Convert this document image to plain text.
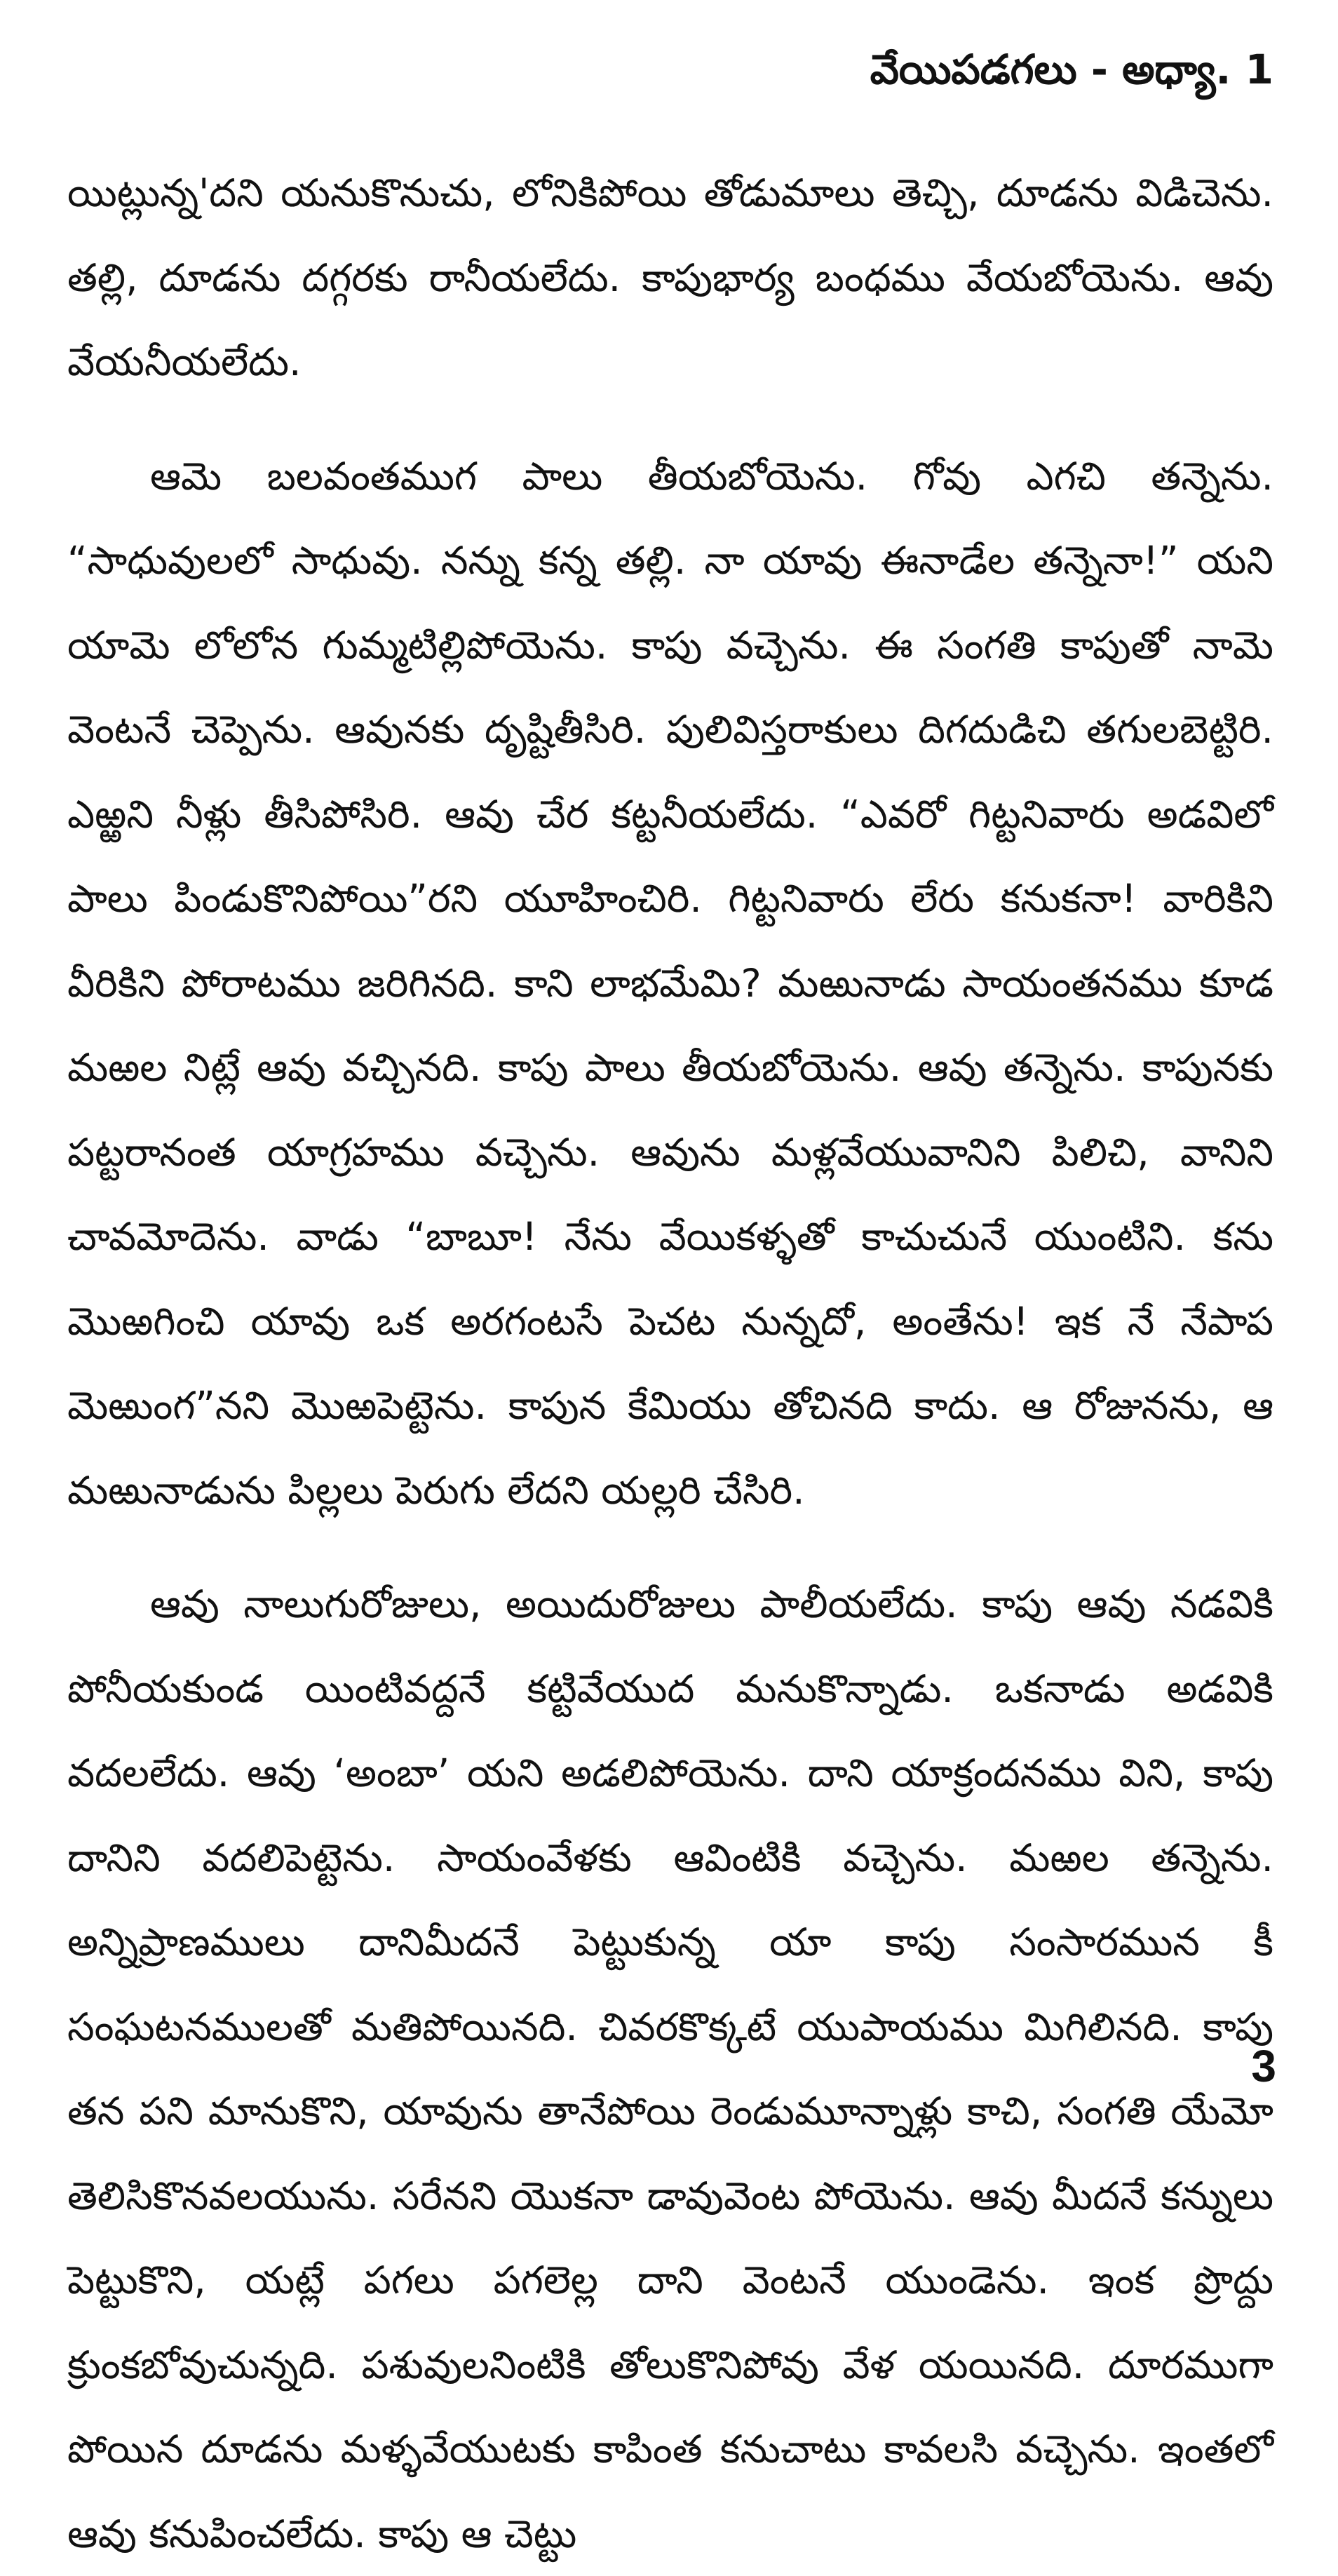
వేయిపడగలు - అధ్యా. 1

యిట్లున్న'దని యనుకొనుచు, లోనికిపోయి తోడుమాలు తెచ్చి, దూడను విడిచెను. తల్లి, దూడను దగ్గరకు రానీయలేదు. కాపుభార్య బంధము వేయబోయెను. ఆవు వేయనీయలేదు.

ఆమె బలవంతముగ పాలు తీయబోయెను. గోవు ఎగచి తన్నెను. “సాధువులలో సాధువు. నన్ను కన్న తల్లి. నా యావు ఈనాడేల తన్నెనా!” యని యామె లోలోన గుమ్మటిల్లిపోయెను. కాపు వచ్చెను. ఈ సంగతి కాపుతో నామె వెంటనే చెప్పెను. ఆవునకు దృష్టితీసిరి. పులివిస్తరాకులు దిగదుడిచి తగులబెట్టిరి. ఎఱ్ఱని నీళ్లు తీసిపోసిరి. ఆవు చేర కట్టనీయలేదు. “ఎవరో గిట్టనివారు అడవిలో పాలు పిండుకొనిపోయి”రని యూహించిరి. గిట్టనివారు లేరు కనుకనా! వారికిని వీరికిని పోరాటము జరిగినది. కాని లాభమేమి? మఱునాడు సాయంతనము కూడ మఱల నిట్లే ఆవు వచ్చినది. కాపు పాలు తీయబోయెను. ఆవు తన్నెను. కాపునకు పట్టరానంత యాగ్రహము వచ్చెను. ఆవును మళ్లవేయువానిని పిలిచి, వానిని చావమోదెను. వాడు “బాబూ! నేను వేయికళ్ళతో కాచుచునే యుంటిని. కను మొఱగించి యావు ఒక అరగంటసే పెచట నున్నదో, అంతేను! ఇక నే నేపాప మెఱుంగ”నని మొఱపెట్టెను. కాపున కేమియు తోచినది కాదు. ఆ రోజునను, ఆ మఱునాడును పిల్లలు పెరుగు లేదని యల్లరి చేసిరి.

ఆవు నాలుగురోజులు, అయిదురోజులు పాలీయలేదు. కాపు ఆవు నడవికి పోనీయకుండ యింటివద్దనే కట్టివేయుద మనుకొన్నాడు. ఒకనాడు అడవికి వదలలేదు. ఆవు ‘అంబా’ యని అడలిపోయెను. దాని యాక్రందనము విని, కాపు దానిని వదలిపెట్టెను. సాయంవేళకు ఆవింటికి వచ్చెను. మఱల తన్నెను. అన్నిప్రాణములు దానిమీదనే పెట్టుకున్న యా కాపు సంసారమున కీ సంఘటనములతో మతిపోయినది. చివరకొక్కటే యుపాయము మిగిలినది. కాపు తన పని మానుకొని, యావును తానేపోయి రెండుమూన్నాళ్లు కాచి, సంగతి యేమో తెలిసికొనవలయును. సరేనని యొకనా డావువెంట పోయెను. ఆవు మీదనే కన్నులు పెట్టుకొని, యట్లే పగలు పగలెల్ల దాని వెంటనే యుండెను. ఇంక ప్రొద్దు క్రుంకబోవుచున్నది. పశువులనింటికి తోలుకొనిపోవు వేళ యయినది. దూరముగా పోయిన దూడను మళ్ళవేయుటకు కాపింత కనుచాటు కావలసి వచ్చెను. ఇంతలో ఆవు కనుపించలేదు. కాపు ఆ చెట్టు

3
